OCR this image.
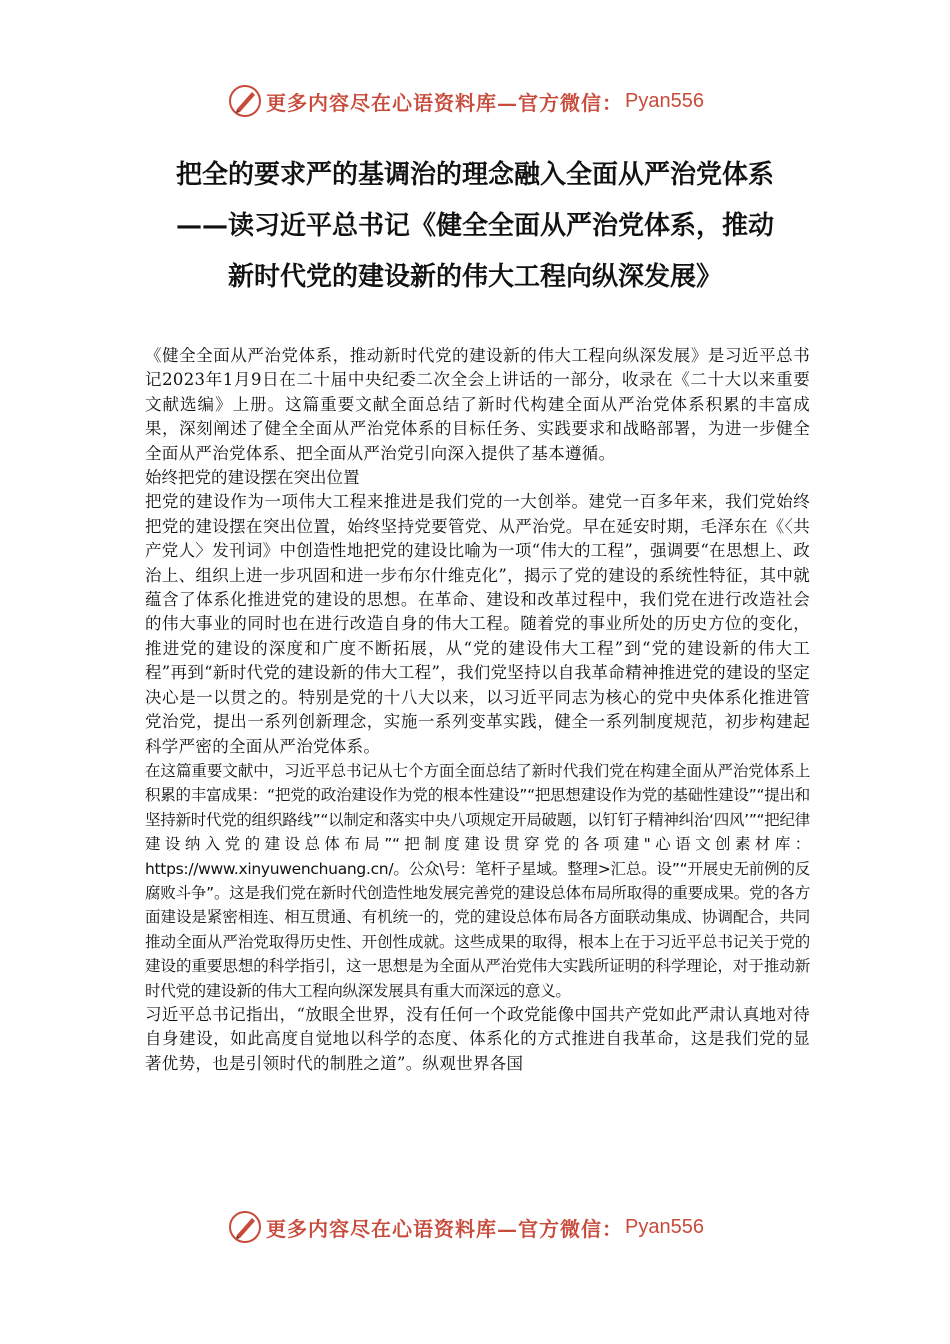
更多内容尽在心语资料库—官方微信： Pyan556
把全的要求严的基调治的理念融入全面从严治党体系
——读习近平总书记《健全全面从严治党体系，推动
新时代党的建设新的伟大工程向纵深发展》

《健全全面从严治党体系，推动新时代党的建设新的伟大工程向纵深发展》是习近平总书记2023年1月9日在二十届中央纪委二次全会上讲话的一部分，收录在《二十大以来重要文献选编》上册。这篇重要文献全面总结了新时代构建全面从严治党体系积累的丰富成果，深刻阐述了健全全面从严治党体系的目标任务、实践要求和战略部署，为进一步健全全面从严治党体系、把全面从严治党引向深入提供了基本遵循。

始终把党的建设摆在突出位置

把党的建设作为一项伟大工程来推进是我们党的一大创举。建党一百多年来，我们党始终把党的建设摆在突出位置，始终坚持党要管党、从严治党。早在延安时期，毛泽东在《〈共产党人〉发刊词》中创造性地把党的建设比喻为一项“伟大的工程”，强调要“在思想上、政治上、组织上进一步巩固和进一步布尔什维克化”，揭示了党的建设的系统性特征，其中就蕴含了体系化推进党的建设的思想。在革命、建设和改革过程中，我们党在进行改造社会的伟大事业的同时也在进行改造自身的伟大工程。随着党的事业所处的历史方位的变化，推进党的建设的深度和广度不断拓展，从“党的建设伟大工程”到“党的建设新的伟大工程”再到“新时代党的建设新的伟大工程”，我们党坚持以自我革命精神推进党的建设的坚定决心是一以贯之的。特别是党的十八大以来，以习近平同志为核心的党中央体系化推进管党治党，提出一系列创新理念，实施一系列变革实践，健全一系列制度规范，初步构建起科学严密的全面从严治党体系。

在这篇重要文献中，习近平总书记从七个方面全面总结了新时代我们党在构建全面从严治党体系上积累的丰富成果：“把党的政治建设作为党的根本性建设”“把思想建设作为党的基础性建设”“提出和坚持新时代党的组织路线”“以制定和落实中央八项规定开局破题，以钉钉子精神纠治‘四风’”“把纪律建设纳入党的建设总体布局”“把制度建设贯穿党的各项建"心语文创素材库：https://www.xinyuwenchuang.cn/。公众\号：笔杆子星域。整理>汇总。设”“开展史无前例的反腐败斗争”。这是我们党在新时代创造性地发展完善党的建设总体布局所取得的重要成果。党的各方面建设是紧密相连、相互贯通、有机统一的，党的建设总体布局各方面联动集成、协调配合，共同推动全面从严治党取得历史性、开创性成就。这些成果的取得，根本上在于习近平总书记关于党的建设的重要思想的科学指引，这一思想是为全面从严治党伟大实践所证明的科学理论，对于推动新时代党的建设新的伟大工程向纵深发展具有重大而深远的意义。

习近平总书记指出，“放眼全世界，没有任何一个政党能像中国共产党如此严肃认真地对待自身建设，如此高度自觉地以科学的态度、体系化的方式推进自我革命，这是我们党的显著优势，也是引领时代的制胜之道”。纵观世界各国

更多内容尽在心语资料库—官方微信： Pyan556
